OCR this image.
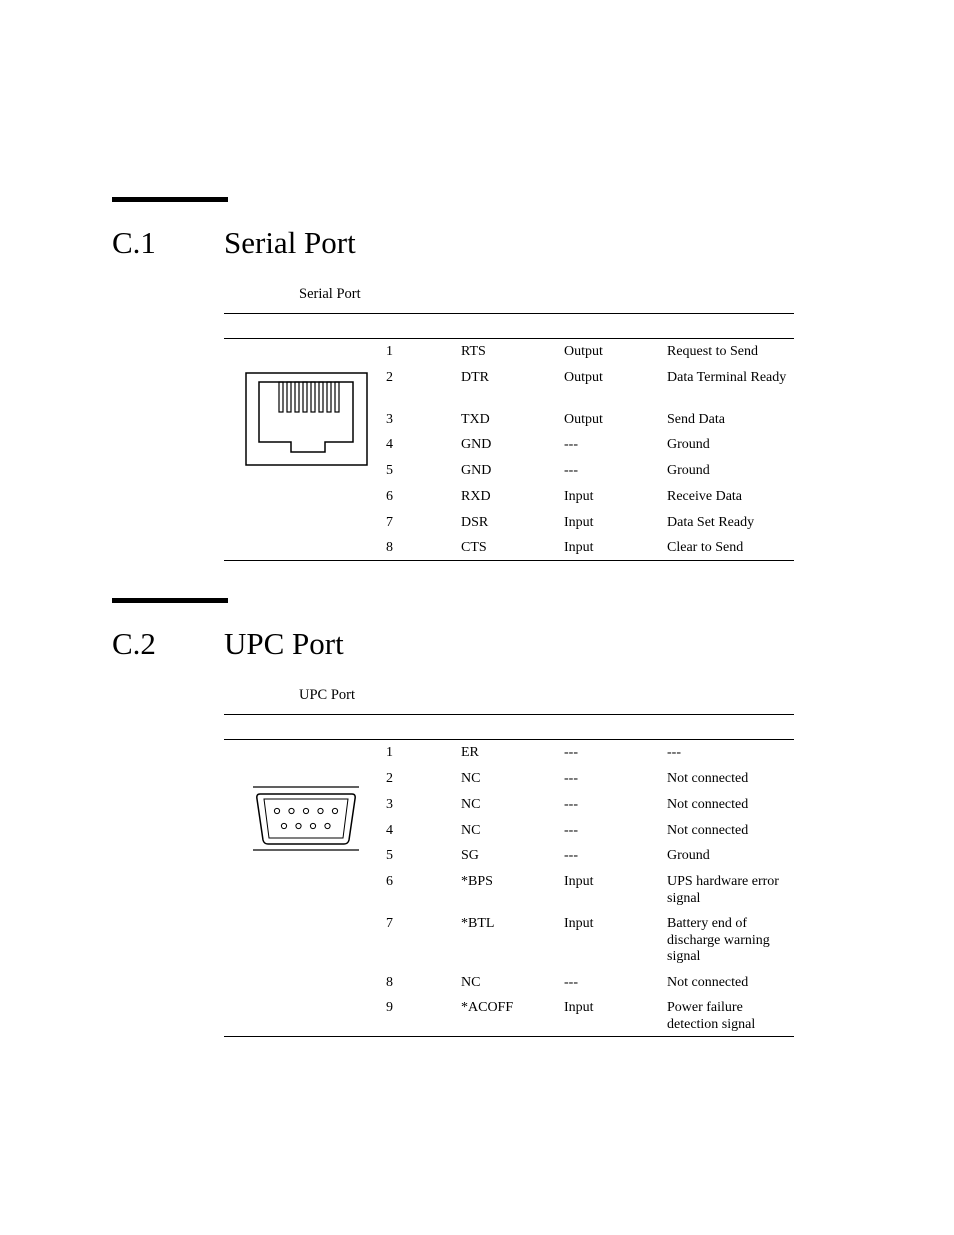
C.1 Serial Port
Serial Port
1	RTS	Output	Request to Send
2	DTR	Output	Data Terminal Ready
3	TXD	Output	Send Data
4	GND	---	Ground
5	GND	---	Ground
6	RXD	Input	Receive Data
7	DSR	Input	Data Set Ready
8	CTS	Input	Clear to Send
C.2 UPC Port
UPC Port
1	ER	---	---
2	NC	---	Not connected
3	NC	---	Not connected
4	NC	---	Not connected
5	SG	---	Ground
6	*BPS	Input	UPS hardware error signal
7	*BTL	Input	Battery end of discharge warning signal
8	NC	---	Not connected
9	*ACOFF	Input	Power failure detection signal
